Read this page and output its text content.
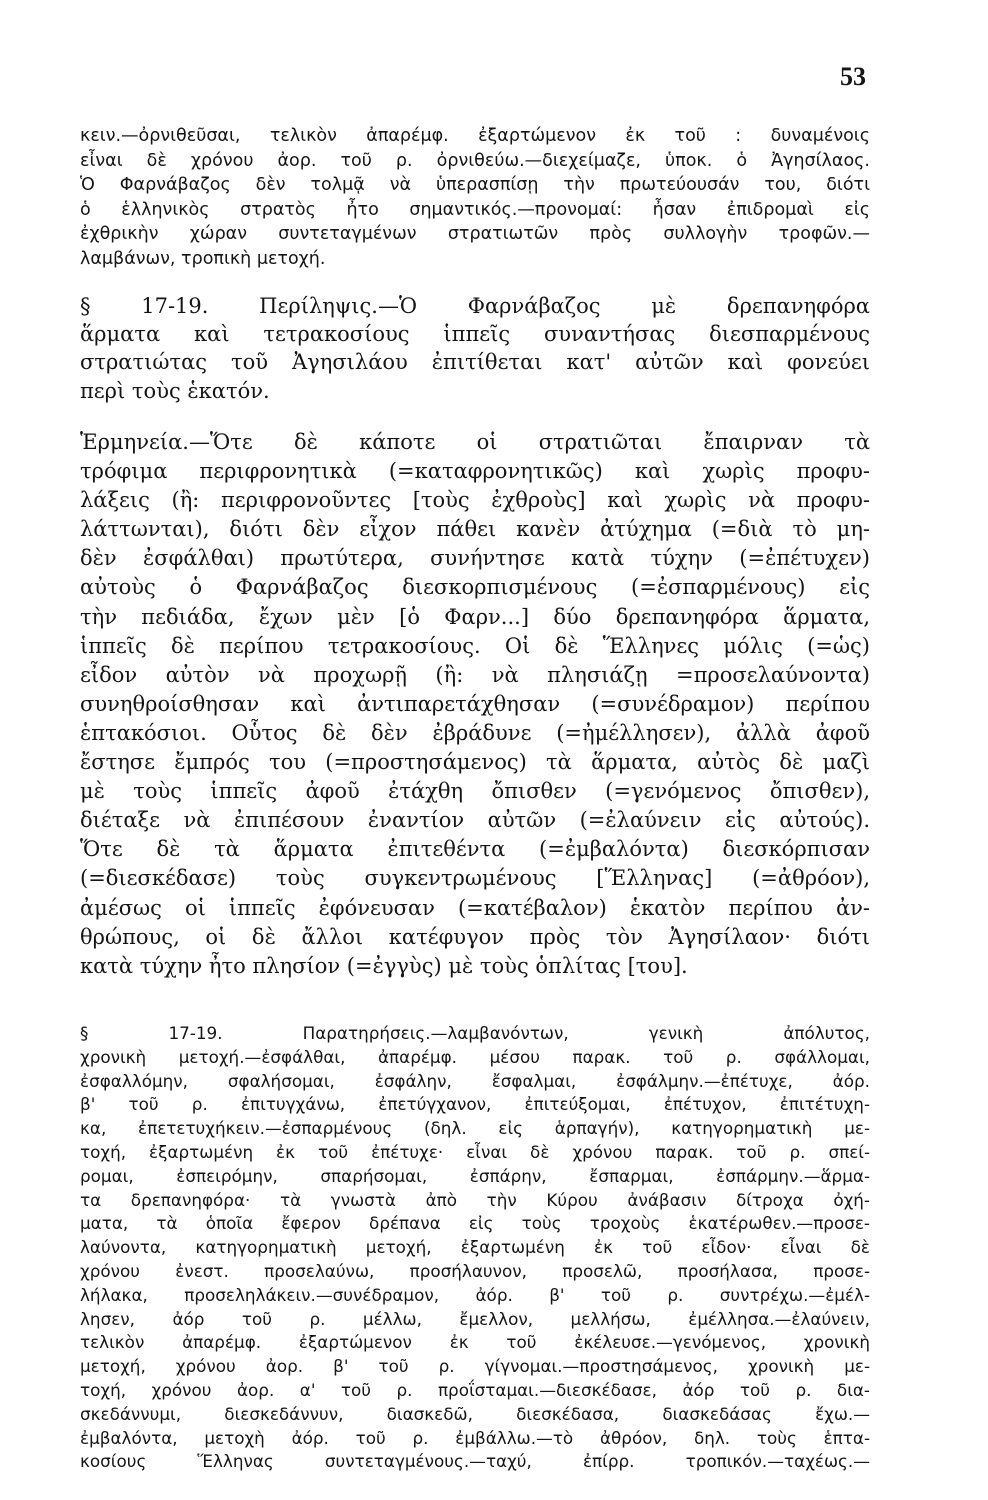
53
κειν.—ὀρνιθεῦσαι, τελικὸν ἀπαρέμφ. ἐξαρτώμενον ἐκ τοῦ : δυναμένοις
εἶναι δὲ χρόνου ἀορ. τοῦ ρ. ὀρνιθεύω.—διεχείμαζε, ὑποκ. ὁ Ἀγησίλαος.
Ὁ Φαρνάβαζος δὲν τολμᾷ νὰ ὑπερασπίσῃ τὴν πρωτεύουσάν του, διότι
ὁ ἑλληνικὸς στρατὸς ἦτο σημαντικός.—προνομαί: ἦσαν ἐπιδρομαὶ εἰς
ἐχθρικὴν χώραν συντεταγμένων στρατιωτῶν πρὸς συλλογὴν τροφῶν.—
λαμβάνων, τροπικὴ μετοχή.
§ 17-19. Περίληψις.—Ὁ Φαρνάβαζος μὲ δρεπανηφόρα
ἅρματα καὶ τετρακοσίους ἱππεῖς συναντήσας διεσπαρμένους
στρατιώτας τοῦ Ἀγησιλάου ἐπιτίθεται κατ' αὐτῶν καὶ φονεύει
περὶ τοὺς ἑκατόν.
Ἑρμηνεία.—Ὅτε δὲ κάποτε οἱ στρατιῶται ἔπαιρναν τὰ
τρόφιμα περιφρονητικὰ (=καταφρονητικῶς) καὶ χωρὶς προφυ-
λάξεις (ἢ: περιφρονοῦντες [τοὺς ἐχθροὺς] καὶ χωρὶς νὰ προφυ-
λάττωνται), διότι δὲν εἶχον πάθει κανὲν ἀτύχημα (=διὰ τὸ μη-
δὲν ἐσφάλθαι) πρωτύτερα, συνήντησε κατὰ τύχην (=ἐπέτυχεν)
αὐτοὺς ὁ Φαρνάβαζος διεσκορπισμένους (=ἐσπαρμένους) εἰς
τὴν πεδιάδα, ἔχων μὲν [ὁ Φαρν...] δύο δρεπανηφόρα ἅρματα,
ἱππεῖς δὲ περίπου τετρακοσίους. Οἱ δὲ Ἕλληνες μόλις (=ὡς)
εἶδον αὐτὸν νὰ προχωρῇ (ἢ: νὰ πλησιάζῃ =προσελαύνοντα)
συνηθροίσθησαν καὶ ἀντιπαρετάχθησαν (=συνέδραμον) περίπου
ἑπτακόσιοι. Οὗτος δὲ δὲν ἐβράδυνε (=ἠμέλλησεν), ἀλλὰ ἀφοῦ
ἔστησε ἔμπρός του (=προστησάμενος) τὰ ἅρματα, αὐτὸς δὲ μαζὶ
μὲ τοὺς ἱππεῖς ἀφοῦ ἐτάχθη ὄπισθεν (=γενόμενος ὄπισθεν),
διέταξε νὰ ἐπιπέσουν ἐναντίον αὐτῶν (=ἐλαύνειν εἰς αὐτούς).
Ὅτε δὲ τὰ ἅρματα ἐπιτεθέντα (=ἐμβαλόντα) διεσκόρπισαν
(=διεσκέδασε) τοὺς συγκεντρωμένους [Ἕλληνας] (=ἀθρόον),
ἀμέσως οἱ ἱππεῖς ἐφόνευσαν (=κατέβαλον) ἑκατὸν περίπου ἀν-
θρώπους, οἱ δὲ ἄλλοι κατέφυγον πρὸς τὸν Ἀγησίλαον· διότι
κατὰ τύχην ἦτο πλησίον (=ἐγγὺς) μὲ τοὺς ὁπλίτας [του].
§ 17-19. Παρατηρήσεις.—λαμβανόντων, γενικὴ ἀπόλυτος,
χρονικὴ μετοχή.—ἐσφάλθαι, ἀπαρέμφ. μέσου παρακ. τοῦ ρ. σφάλλομαι,
ἐσφαλλόμην, σφαλήσομαι, ἐσφάλην, ἔσφαλμαι, ἐσφάλμην.—ἐπέτυχε, ἀόρ.
β' τοῦ ρ. ἐπιτυγχάνω, ἐπετύγχανον, ἐπιτεύξομαι, ἐπέτυχον, ἐπιτέτυχη-
κα, ἐπετετυχήκειν.—ἐσπαρμένους (δηλ. εἰς ἁρπαγήν), κατηγορηματικὴ με-
τοχή, ἐξαρτωμένη ἐκ τοῦ ἐπέτυχε· εἶναι δὲ χρόνου παρακ. τοῦ ρ. σπεί-
ρομαι, ἐσπειρόμην, σπαρήσομαι, ἐσπάρην, ἔσπαρμαι, ἐσπάρμην.—ἅρμα-
τα δρεπανηφόρα· τὰ γνωστὰ ἀπὸ τὴν Κύρου ἀνάβασιν δίτροχα ὀχή-
ματα, τὰ ὁποῖα ἔφερον δρέπανα εἰς τοὺς τροχοὺς ἑκατέρωθεν.—προσε-
λαύνοντα, κατηγορηματικὴ μετοχή, ἐξαρτωμένη ἐκ τοῦ εἶδον· εἶναι δὲ
χρόνου ἐνεστ. προσελαύνω, προσήλαυνον, προσελῶ, προσήλασα, προσε-
λήλακα, προσεληλάκειν.—συνέδραμον, ἀόρ. β' τοῦ ρ. συντρέχω.—ἐμέλ-
λησεν, ἀόρ τοῦ ρ. μέλλω, ἔμελλον, μελλήσω, ἐμέλλησα.—ἐλαύνειν,
τελικὸν ἀπαρέμφ. ἐξαρτώμενον ἐκ τοῦ ἐκέλευσε.—γενόμενος, χρονικὴ
μετοχή, χρόνου ἀορ. β' τοῦ ρ. γίγνομαι.—προστησάμενος, χρονικὴ με-
τοχή, χρόνου ἀορ. α' τοῦ ρ. προΐσταμαι.—διεσκέδασε, ἀόρ τοῦ ρ. δια-
σκεδάννυμι, διεσκεδάννυν, διασκεδῶ, διεσκέδασα, διασκεδάσας ἔχω.—
ἐμβαλόντα, μετοχὴ ἀόρ. τοῦ ρ. ἐμβάλλω.—τὸ ἀθρόον, δηλ. τοὺς ἑπτα-
κοσίους Ἕλληνας συντεταγμένους.—ταχύ, ἐπίρρ. τροπικόν.—ταχέως.—
